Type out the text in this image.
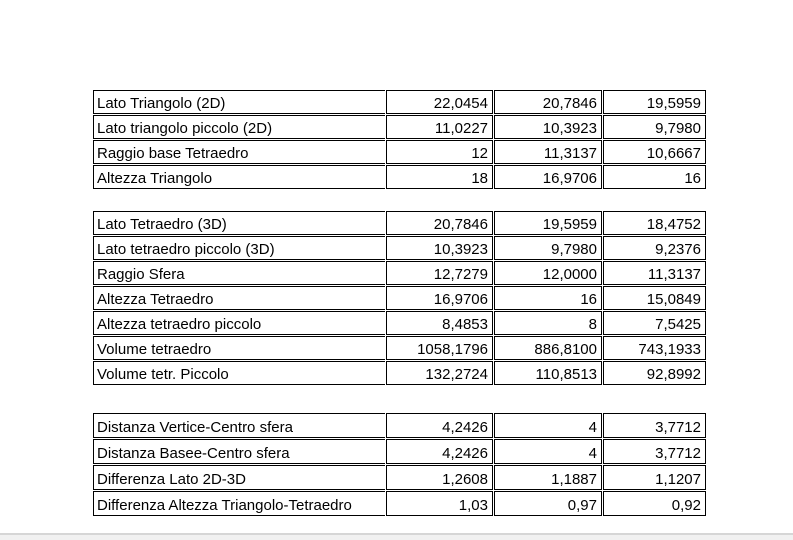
Lato Triangolo (2D)	22,0454	20,7846	19,5959
Lato triangolo piccolo (2D)	11,0227	10,3923	9,7980
Raggio base Tetraedro	12	11,3137	10,6667
Altezza Triangolo	18	16,9706	16
Lato Tetraedro (3D)	20,7846	19,5959	18,4752
Lato tetraedro piccolo (3D)	10,3923	9,7980	9,2376
Raggio Sfera	12,7279	12,0000	11,3137
Altezza Tetraedro	16,9706	16	15,0849
Altezza tetraedro piccolo	8,4853	8	7,5425
Volume tetraedro	1058,1796	886,8100	743,1933
Volume tetr. Piccolo	132,2724	110,8513	92,8992
Distanza Vertice-Centro sfera	4,2426	4	3,7712
Distanza Basee-Centro sfera	4,2426	4	3,7712
Differenza Lato 2D-3D	1,2608	1,1887	1,1207
Differenza Altezza Triangolo-Tetraedro	1,03	0,97	0,92
